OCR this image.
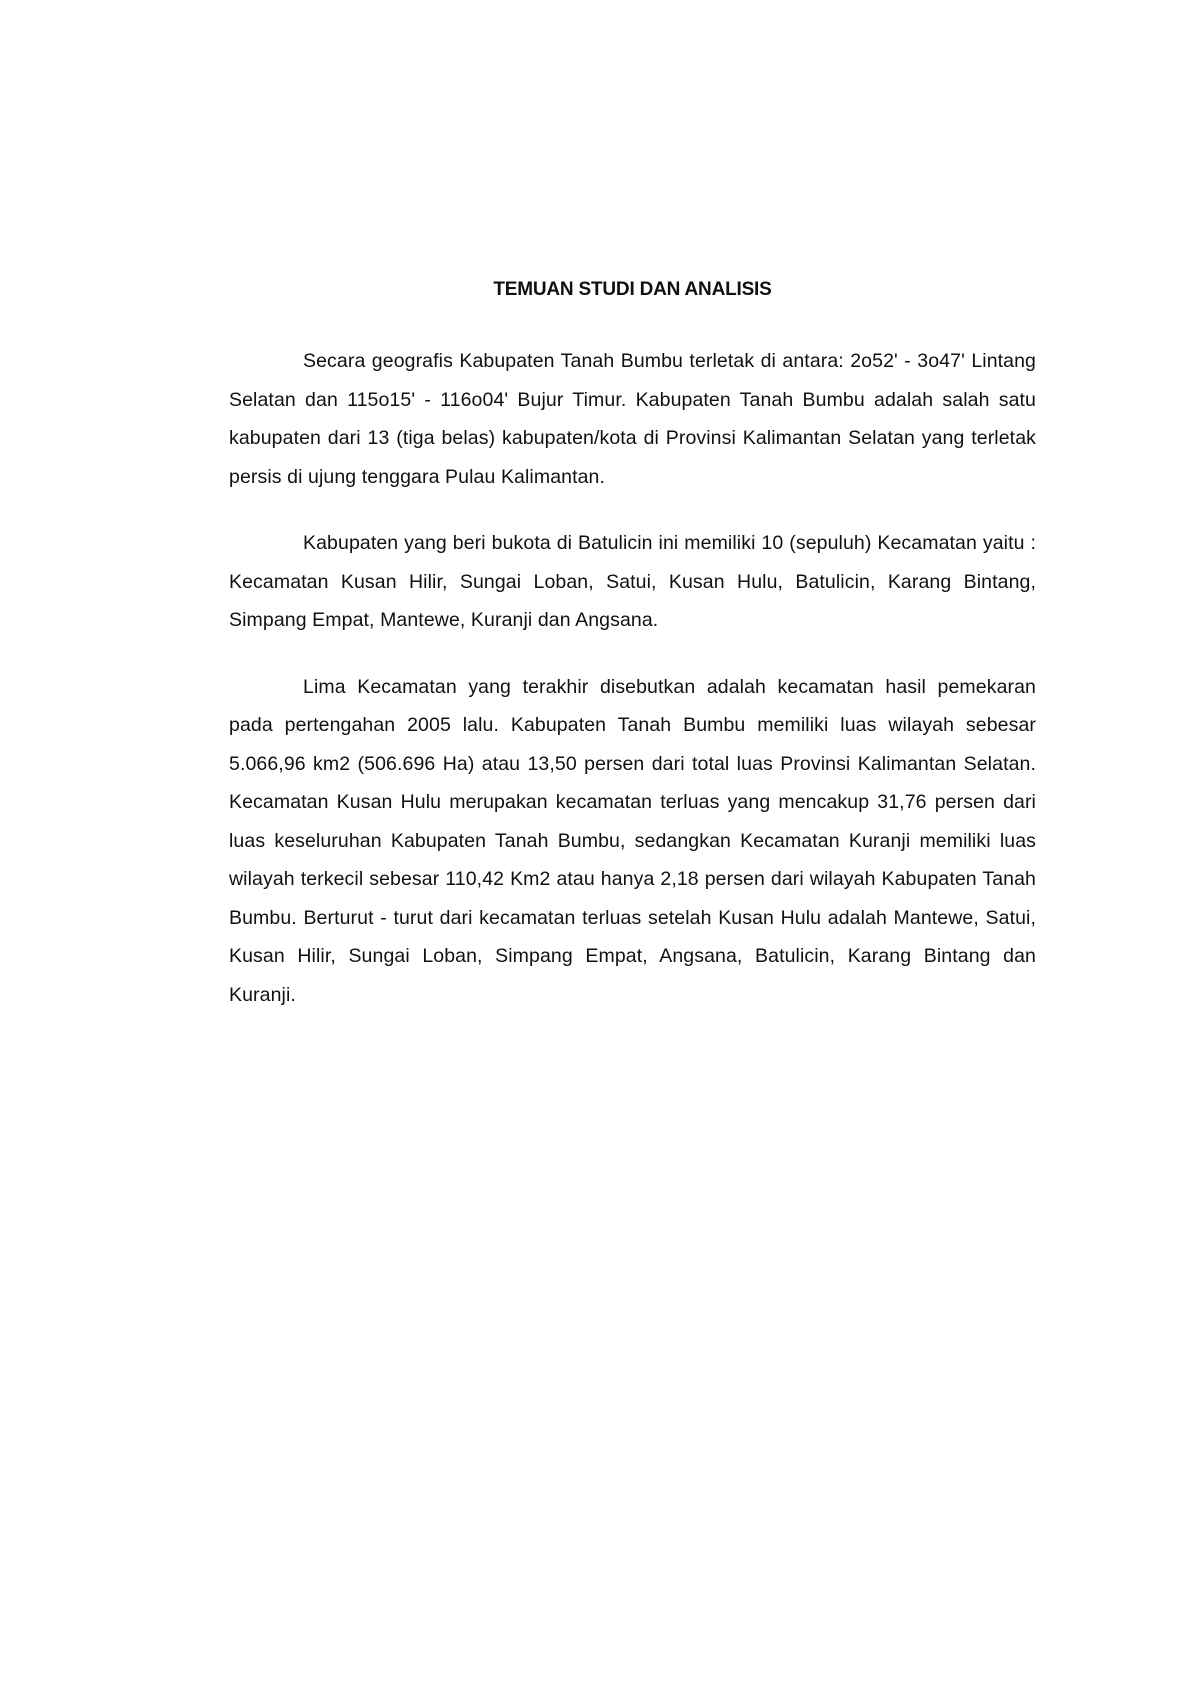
TEMUAN STUDI DAN ANALISIS

Secara geografis Kabupaten Tanah Bumbu terletak di antara: 2o52' - 3o47' Lintang Selatan dan 115o15' - 116o04' Bujur Timur. Kabupaten Tanah Bumbu adalah salah satu kabupaten dari 13 (tiga belas) kabupaten/kota di Provinsi Kalimantan Selatan yang terletak persis di ujung tenggara Pulau Kalimantan.

Kabupaten yang beri bukota di Batulicin ini memiliki 10 (sepuluh) Kecamatan yaitu : Kecamatan Kusan Hilir, Sungai Loban, Satui, Kusan Hulu, Batulicin, Karang Bintang, Simpang Empat, Mantewe, Kuranji dan Angsana.

Lima Kecamatan yang terakhir disebutkan adalah kecamatan hasil pemekaran pada pertengahan 2005 lalu. Kabupaten Tanah Bumbu memiliki luas wilayah sebesar 5.066,96 km2 (506.696 Ha) atau 13,50 persen dari total luas Provinsi Kalimantan Selatan. Kecamatan Kusan Hulu merupakan kecamatan terluas yang mencakup 31,76 persen dari luas keseluruhan Kabupaten Tanah Bumbu, sedangkan Kecamatan Kuranji memiliki luas wilayah terkecil sebesar 110,42 Km2 atau hanya 2,18 persen dari wilayah Kabupaten Tanah Bumbu. Berturut - turut dari kecamatan terluas setelah Kusan Hulu adalah Mantewe, Satui, Kusan Hilir, Sungai Loban, Simpang Empat, Angsana, Batulicin, Karang Bintang dan Kuranji.
